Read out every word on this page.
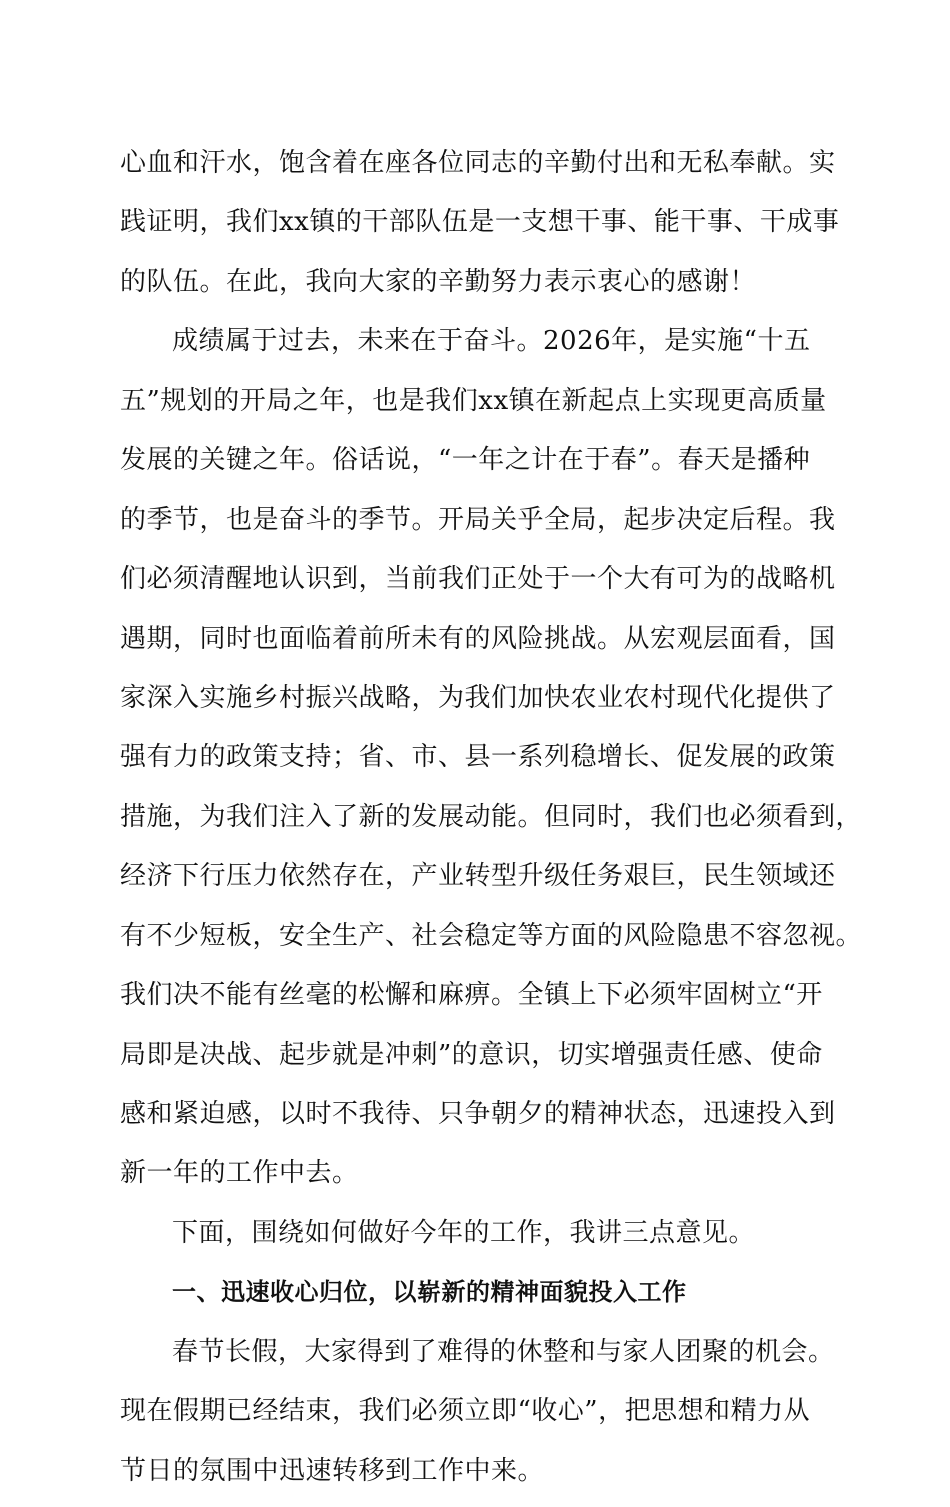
心血和汗水，饱含着在座各位同志的辛勤付出和无私奉献。实
践证明，我们xx镇的干部队伍是一支想干事、能干事、干成事
的队伍。在此，我向大家的辛勤努力表示衷心的感谢！
成绩属于过去，未来在于奋斗。2026年，是实施“十五
五”规划的开局之年，也是我们xx镇在新起点上实现更高质量
发展的关键之年。俗话说，“一年之计在于春”。春天是播种
的季节，也是奋斗的季节。开局关乎全局，起步决定后程。我
们必须清醒地认识到，当前我们正处于一个大有可为的战略机
遇期，同时也面临着前所未有的风险挑战。从宏观层面看，国
家深入实施乡村振兴战略，为我们加快农业农村现代化提供了
强有力的政策支持；省、市、县一系列稳增长、促发展的政策
措施，为我们注入了新的发展动能。但同时，我们也必须看到，
经济下行压力依然存在，产业转型升级任务艰巨，民生领域还
有不少短板，安全生产、社会稳定等方面的风险隐患不容忽视。
我们决不能有丝毫的松懈和麻痹。全镇上下必须牢固树立“开
局即是决战、起步就是冲刺”的意识，切实增强责任感、使命
感和紧迫感，以时不我待、只争朝夕的精神状态，迅速投入到
新一年的工作中去。
下面，围绕如何做好今年的工作，我讲三点意见。
一、迅速收心归位，以崭新的精神面貌投入工作
春节长假，大家得到了难得的休整和与家人团聚的机会。
现在假期已经结束，我们必须立即“收心”，把思想和精力从
节日的氛围中迅速转移到工作中来。
